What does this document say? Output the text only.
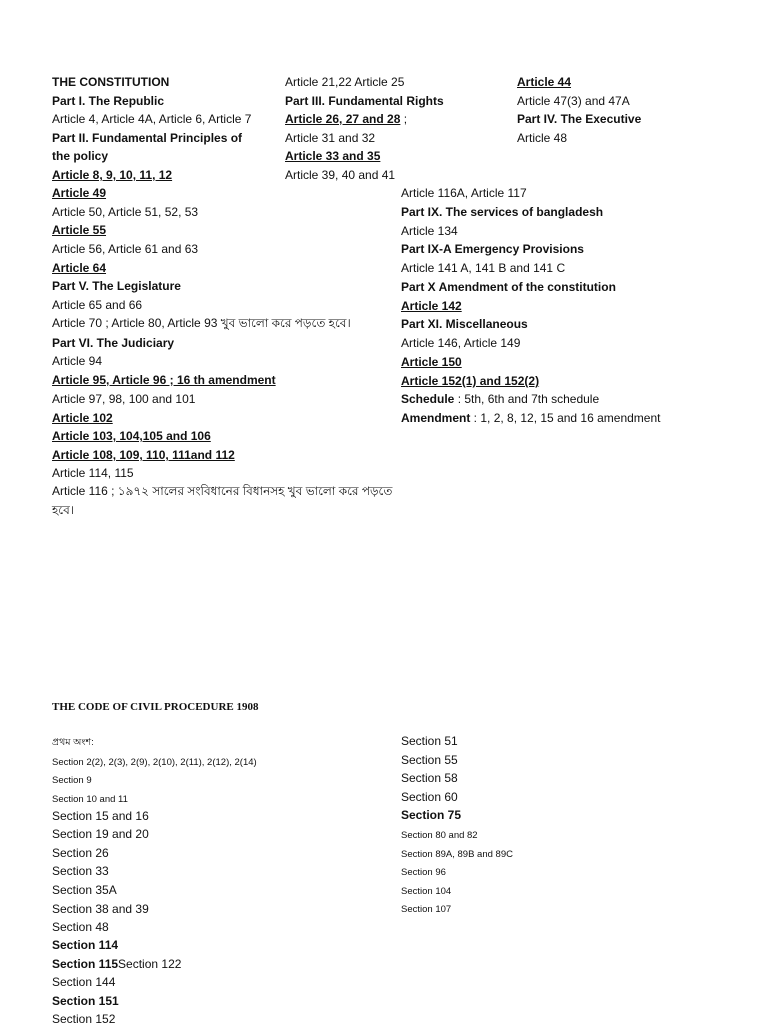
THE CODE OF CIVIL PROCEDURE 1908
THE CONSTITUTION
Part I. The Republic
Article 4, Article 4A, Article 6, Article 7
Part II. Fundamental Principles of
the policy
Article 8, 9, 10, 11, 12
Article 21,22 Article 25
Part III. Fundamental Rights
Article 26, 27 and 28 ;
Article 31 and 32
Article 33 and 35
Article 39, 40 and 41
Article 44
Article 47(3) and 47A
Part IV. The Executive
Article 48
Article 49
Article 50, Article 51, 52, 53
Article 55
Article 56, Article 61 and 63
Article 64
Part V. The Legislature
Article 65 and 66
Article 70 ; Article 80, Article 93 খুব ভালো করে পড়তে হবে।
Part VI. The Judiciary
Article 94
Article 95, Article 96 ; 16 th amendment
Article 97, 98, 100 and 101
Article 102
Article 103, 104,105 and 106
Article 108, 109, 110, 111and 112
Article 114, 115
Article 116 ; ১৯৭২ সালের সংবিধানের বিধানসহ খুব ভালো করে পড়তে
হবে।
Article 116A, Article 117
Part IX. The services of bangladesh
Article 134
Part IX-A Emergency Provisions
Article 141 A, 141 B and 141 C
Part X Amendment of the constitution
Article 142
Part XI. Miscellaneous
Article 146, Article 149
Article 150
Article 152(1) and 152(2)
Schedule : 5th, 6th and 7th schedule
Amendment : 1, 2, 8, 12, 15 and 16 amendment
প্রথম অংশ:
Section 2(2), 2(3), 2(9), 2(10), 2(11), 2(12), 2(14)
Section 9
Section 10 and 11
Section 15 and 16
Section 19 and 20
Section 26
Section 33
Section 35A
Section 38 and 39
Section 48
Section 114
Section 115Section 122
Section 144
Section 151
Section 152
Section 51
Section 55
Section 58
Section 60
Section 75
Section 80 and 82
Section 89A, 89B and 89C
Section 96
Section 104
Section 107
